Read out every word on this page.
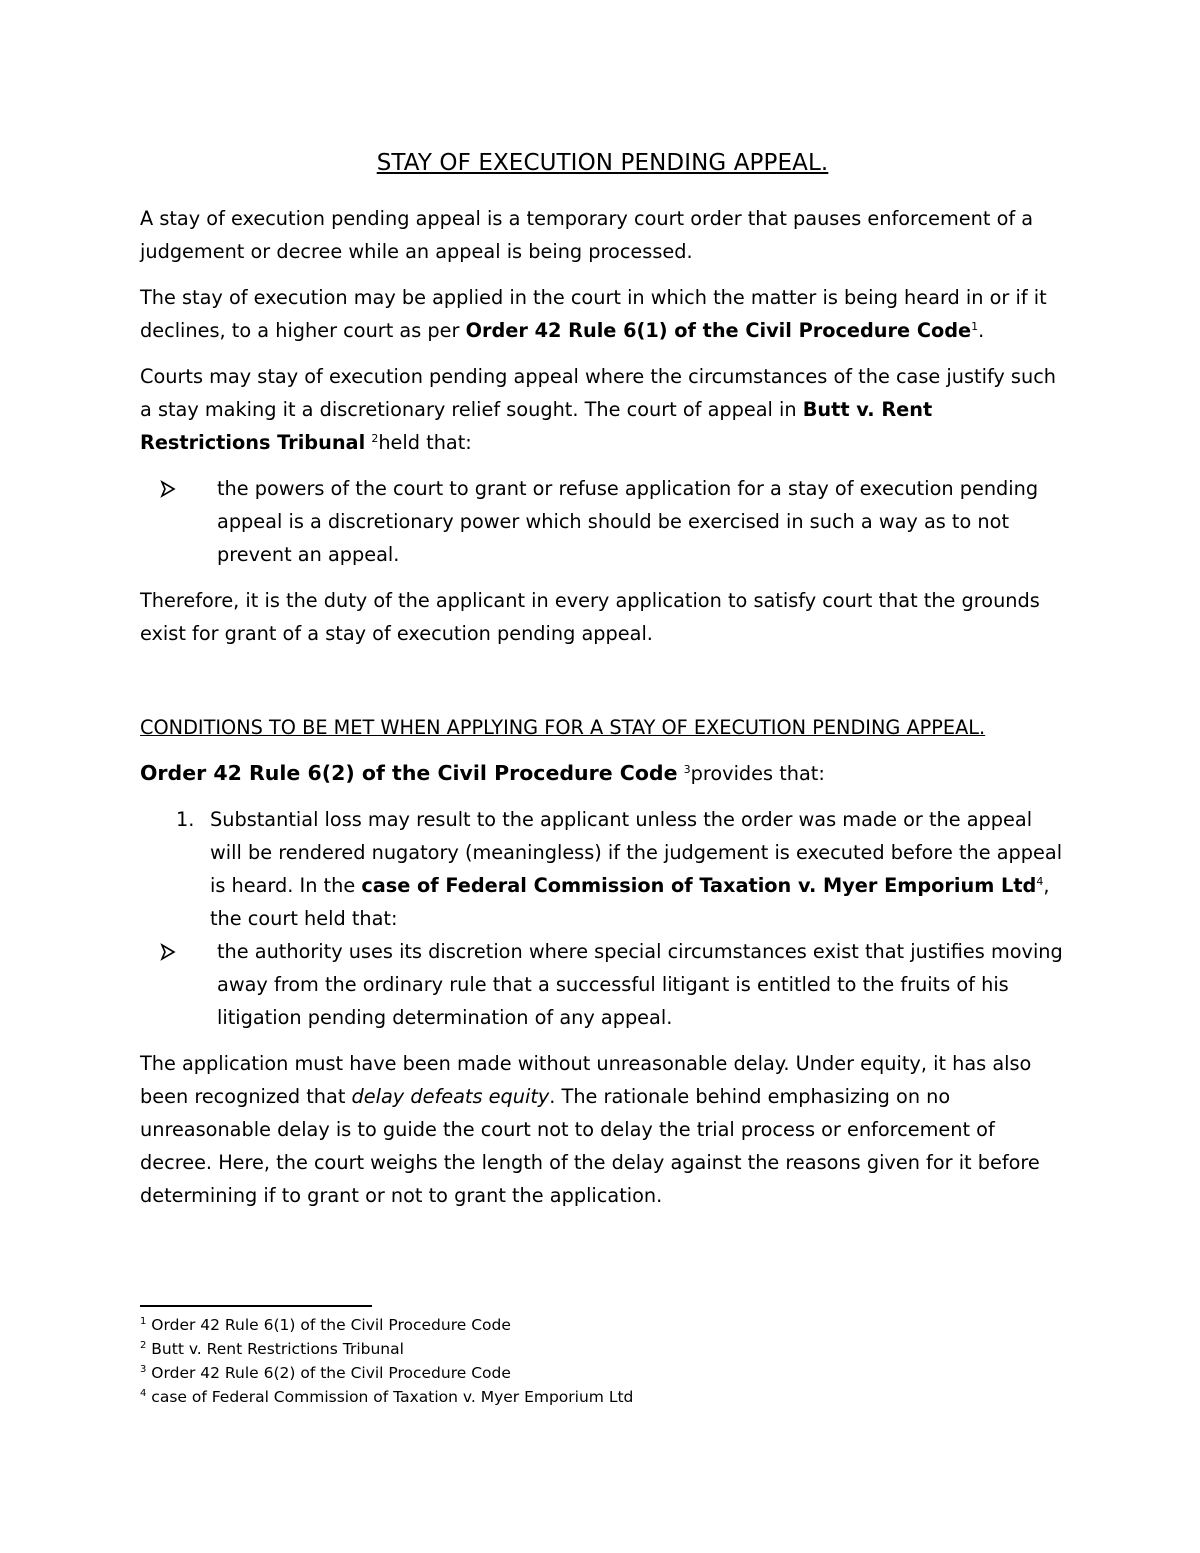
STAY OF EXECUTION PENDING APPEAL.

A stay of execution pending appeal is a temporary court order that pauses enforcement of a judgement or decree while an appeal is being processed.

The stay of execution may be applied in the court in which the matter is being heard in or if it declines, to a higher court as per Order 42 Rule 6(1) of the Civil Procedure Code$^1$.

Courts may stay of execution pending appeal where the circumstances of the case justify such a stay making it a discretionary relief sought. The court of appeal in Butt v. Rent Restrictions Tribunal $^2$held that:

the powers of the court to grant or refuse application for a stay of execution pending appeal is a discretionary power which should be exercised in such a way as to not prevent an appeal.

Therefore, it is the duty of the applicant in every application to satisfy court that the grounds exist for grant of a stay of execution pending appeal.

CONDITIONS TO BE MET WHEN APPLYING FOR A STAY OF EXECUTION PENDING APPEAL.
Order 42 Rule 6(2) of the Civil Procedure Code $^3$provides that:
1. Substantial loss may result to the applicant unless the order was made or the appeal will be rendered nugatory (meaningless) if the judgement is executed before the appeal is heard. In the case of Federal Commission of Taxation v. Myer Emporium Ltd$^4$, the court held that:
the authority uses its discretion where special circumstances exist that justifies moving away from the ordinary rule that a successful litigant is entitled to the fruits of his litigation pending determination of any appeal.

The application must have been made without unreasonable delay. Under equity, it has also been recognized that delay defeats equity. The rationale behind emphasizing on no unreasonable delay is to guide the court not to delay the trial process or enforcement of decree. Here, the court weighs the length of the delay against the reasons given for it before determining if to grant or not to grant the application.

$^1$ Order 42 Rule 6(1) of the Civil Procedure Code

$^2$ Butt v. Rent Restrictions Tribunal

$^3$ Order 42 Rule 6(2) of the Civil Procedure Code

$^4$ case of Federal Commission of Taxation v. Myer Emporium Ltd
